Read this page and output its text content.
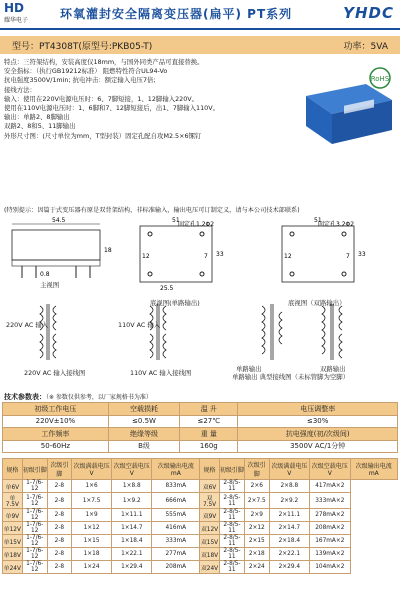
HD
耀华电子	环氧灌封安全隔离变压器(扁平) PT系列	YHDC
型号：PT4308T(原型号:PKB05-T)	功率：5VA
特点：三符架结构，安装高度仅18mm，与国外同类产品可直接替换。
安全指标：（执行GB19212标准） 阻燃特性符合UL94-Vo
抗电强度3500V/1min; 抗电冲击：额定输入电压7倍;
接线方法：
输入：使用在220V电源电压时：6、7脚短接，1、12脚输入220V。
使用在110V电源电压时：1、6脚和7、12脚短接后，出1、7脚输入110V。
输出：单路2、8脚输出
双路2、8和5、11脚输出
外形尺寸图：(尺寸单位为mm，T型封装）固定孔配自攻M2.5×6镙钉
RoHS
(特别提示：因篇于式变压器有原是双背架结构，非标准输入，输出电压可订制定义，请与本公司技术部联系)
54.5
18
0.8
51
12	7 33
25.5
固定孔1.2Φ2
51
12	7 33
固定孔3.2Φ2
主视图
底视图(单路输出)	底视图（双路输出）
220V AC 输入	110V AC 输入
220V AC 输入接线图	110V AC 输入接线图	单路输出
单路输出 典型接线图（未标管脚为空脚）
双路输出
技术参数表：（※ 参数仅供参考，以厂家规格书为准）
初级工作电压	空载损耗	温 升	电压调整率
220V±10%	≤0.5W	≤27℃	≤30%
工作频率	绝缘等级	重 量	抗电强度(初/次级间)
50-60Hz	B级	160g	3500V AC/1分钟
规格	初级引脚	次级引脚	次级满载电压V	次级空载电压V	次级输出电流 mA	规格	初级引脚	次级引脚	次级满载电压V	次级空载电压V	次级输出电流 mA
单6V	1-7/6-12	2-8	1×6	1×8.8	833mA	双6V	2-8/5-11	2×6	2×8.8	417mA×2	
单7.5V	1-7/6-12	2-8	1×7.5	1×9.2	666mA	双7.5V	2-8/5-11	2×7.5	2×9.2	333mA×2	
单9V	1-7/6-12	2-8	1×9	1×11.1	555mA	双9V	2-8/5-11	2×9	2×11.1	278mA×2	
单12V	1-7/6-12	2-8	1×12	1×14.7	416mA	双12V	2-8/5-11	2×12	2×14.7	208mA×2	
单15V	1-7/6-12	2-8	1×15	1×18.4	333mA	双15V	2-8/5-11	2×15	2×18.4	167mA×2	
单18V	1-7/6-12	2-8	1×18	1×22.1	277mA	双18V	2-8/5-11	2×18	2×22.1	139mA×2	
单24V	1-7/6-12	2-8	1×24	1×29.4	208mA	双24V	2-8/5-11	2×24	2×29.4	104mA×2	
